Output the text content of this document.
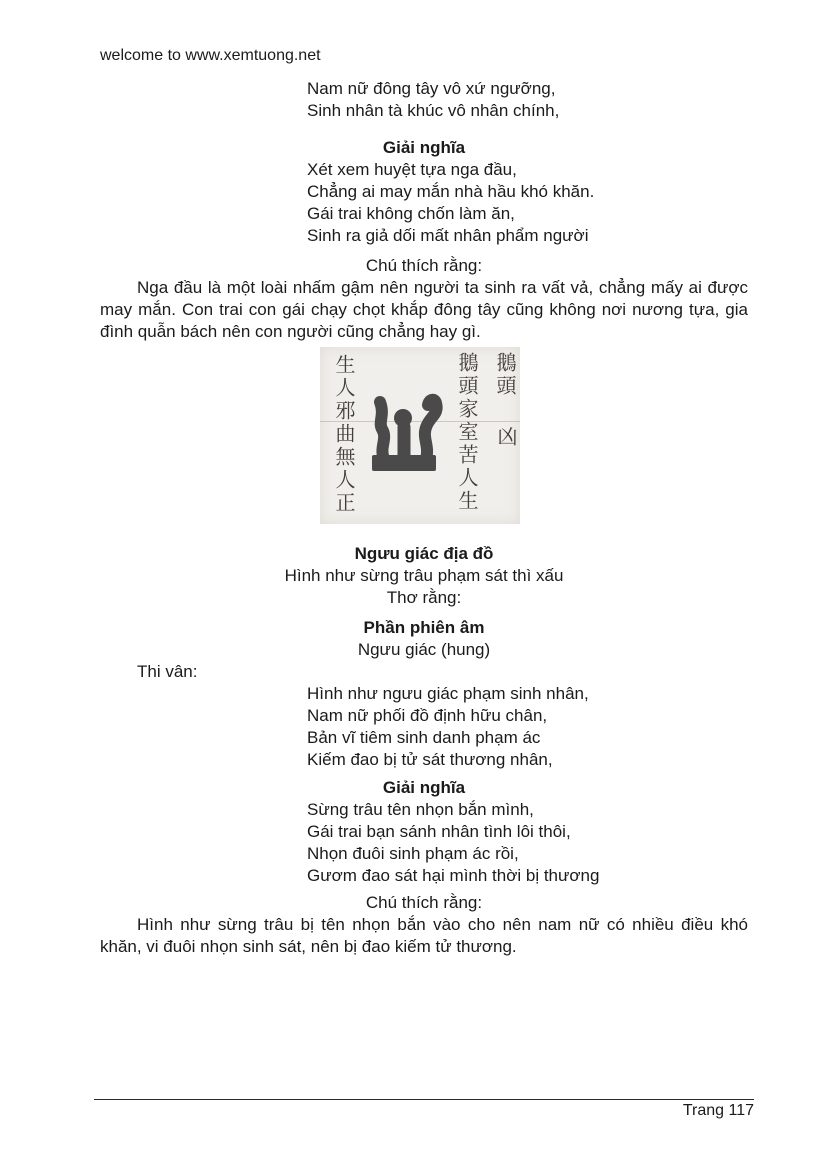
welcome to www.xemtuong.net
Nam nữ đông tây vô xứ ngưỡng,
Sinh nhân tà khúc vô nhân chính,
Giải nghĩa
Xét xem huyệt tựa nga đầu,
Chẳng ai may mắn nhà hầu khó khăn.
Gái trai không chốn làm ăn,
Sinh ra giả dối mất nhân phẩm người
Chú thích rằng:

Nga đầu là một loài nhấm gậm nên người ta sinh ra vất vả, chẳng mấy ai được may mắn. Con trai con gái chạy chọt khắp đông tây cũng không nơi nương tựa, gia đình quẫn bách nên con người cũng chẳng hay gì.

生人邪曲無人正	鵝頭家室苦人生 鵝頭
凶
Ngưu giác địa đồ
Hình như sừng trâu phạm sát thì xấu
Thơ rằng:
Phần phiên âm
Ngưu giác (hung)
Thi vân:
Hình như ngưu giác phạm sinh nhân,
Nam nữ phối đồ định hữu chân,
Bản vĩ tiêm sinh danh phạm ác
Kiếm đao bị tử sát thương nhân,
Giải nghĩa
Sừng trâu tên nhọn bắn mình,
Gái trai bạn sánh nhân tình lôi thôi,
Nhọn đuôi sinh phạm ác rồi,
Gươm đao sát hại mình thời bị thương
Chú thích rằng:

Hình như sừng trâu bị tên nhọn bắn vào cho nên nam nữ có nhiều điều khó khăn, vi đuôi nhọn sinh sát, nên bị đao kiếm tử thương.

Trang 117
